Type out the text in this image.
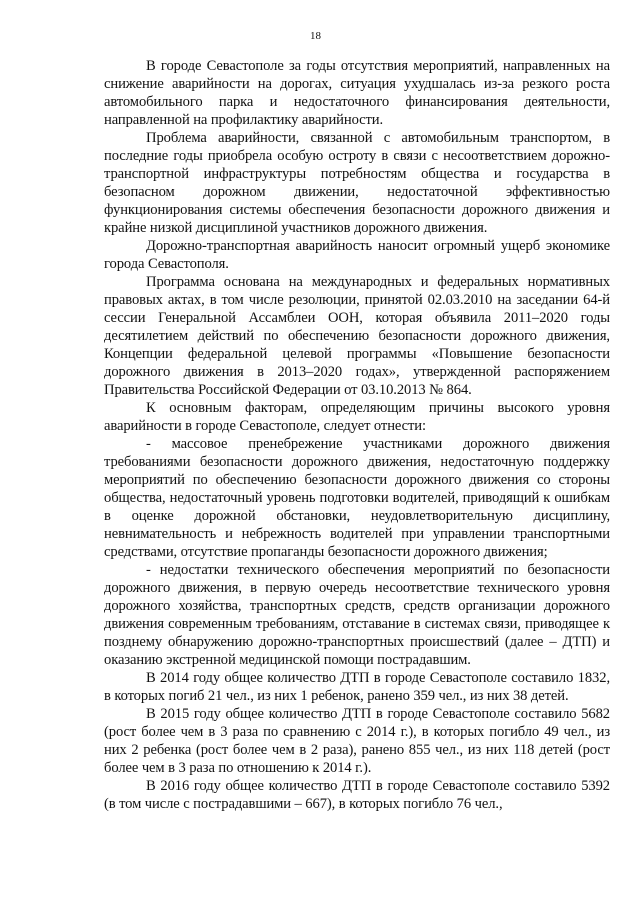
18

В городе Севастополе за годы отсутствия мероприятий, направленных на снижение аварийности на дорогах, ситуация ухудшалась из-за резкого роста автомобильного парка и недостаточного финансирования деятельности, направленной на профилактику аварийности.

Проблема аварийности, связанной с автомобильным транспортом, в последние годы приобрела особую остроту в связи с несоответствием дорожно-транспортной инфраструктуры потребностям общества и государства в безопасном дорожном движении, недостаточной эффективностью функционирования системы обеспечения безопасности дорожного движения и крайне низкой дисциплиной участников дорожного движения.

Дорожно-транспортная аварийность наносит огромный ущерб экономике города Севастополя.

Программа основана на международных и федеральных нормативных правовых актах, в том числе резолюции, принятой 02.03.2010 на заседании 64-й сессии Генеральной Ассамблеи ООН, которая объявила 2011–2020 годы десятилетием действий по обеспечению безопасности дорожного движения, Концепции федеральной целевой программы «Повышение безопасности дорожного движения в 2013–2020 годах», утвержденной распоряжением Правительства Российской Федерации от 03.10.2013 № 864.

К основным факторам, определяющим причины высокого уровня аварийности в городе Севастополе, следует отнести:

- массовое пренебрежение участниками дорожного движения требованиями безопасности дорожного движения, недостаточную поддержку мероприятий по обеспечению безопасности дорожного движения со стороны общества, недостаточный уровень подготовки водителей, приводящий к ошибкам в оценке дорожной обстановки, неудовлетворительную дисциплину, невнимательность и небрежность водителей при управлении транспортными средствами, отсутствие пропаганды безопасности дорожного движения;

- недостатки технического обеспечения мероприятий по безопасности дорожного движения, в первую очередь несоответствие технического уровня дорожного хозяйства, транспортных средств, средств организации дорожного движения современным требованиям, отставание в системах связи, приводящее к позднему обнаружению дорожно-транспортных происшествий (далее – ДТП) и оказанию экстренной медицинской помощи пострадавшим.

В 2014 году общее количество ДТП в городе Севастополе составило 1832, в которых погиб 21 чел., из них 1 ребенок, ранено 359 чел., из них 38 детей.

В 2015 году общее количество ДТП в городе Севастополе составило 5682 (рост более чем в 3 раза по сравнению с 2014 г.), в которых погибло 49 чел., из них 2 ребенка (рост более чем в 2 раза), ранено 855 чел., из них 118 детей (рост более чем в 3 раза по отношению к 2014 г.).

В 2016 году общее количество ДТП в городе Севастополе составило 5392 (в том числе с пострадавшими – 667), в которых погибло 76 чел.,
